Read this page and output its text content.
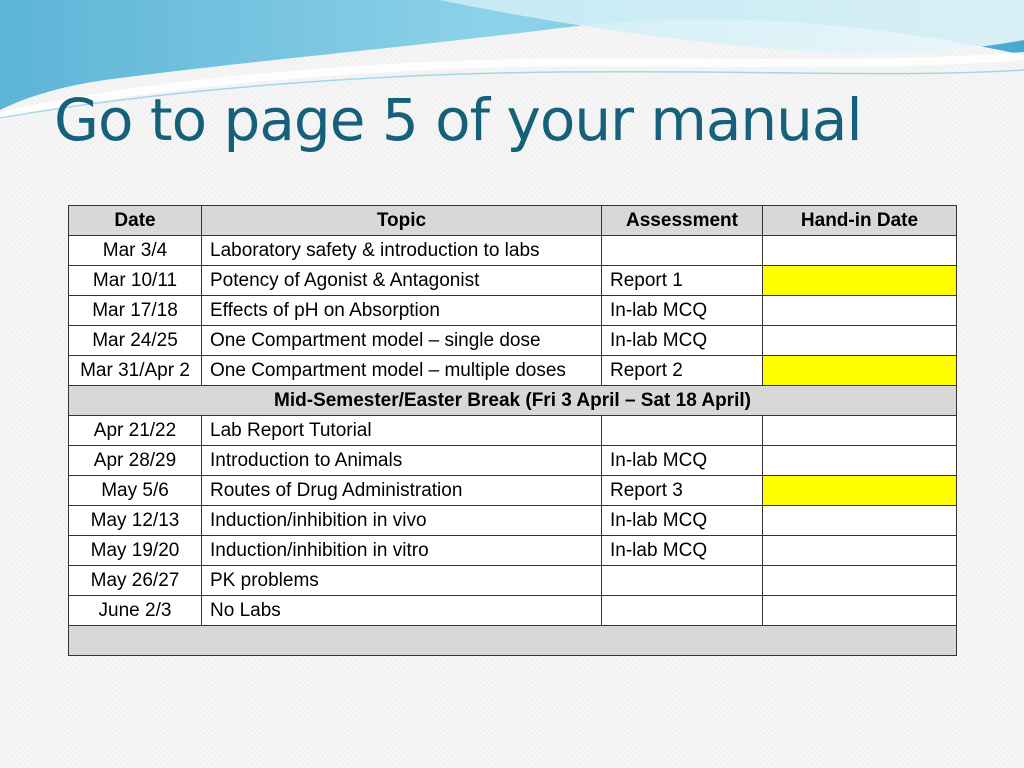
Go to page 5 of your manual
Date	Topic	Assessment	Hand-in Date
Mar 3/4	Laboratory safety & introduction to labs		
Mar 10/11	Potency of Agonist & Antagonist	Report 1	
Mar 17/18	Effects of pH on Absorption	In-lab MCQ	
Mar 24/25	One Compartment model – single dose	In-lab MCQ	
Mar 31/Apr 2	One Compartment model – multiple doses	Report 2	
Mid-Semester/Easter Break (Fri 3 April – Sat 18 April)			
Apr 21/22	Lab Report Tutorial		
Apr 28/29	Introduction to Animals	In-lab MCQ	
May 5/6	Routes of Drug Administration	Report 3	
May 12/13	Induction/inhibition in vivo	In-lab MCQ	
May 19/20	Induction/inhibition in vitro	In-lab MCQ	
May 26/27	PK problems		
June 2/3	No Labs		
